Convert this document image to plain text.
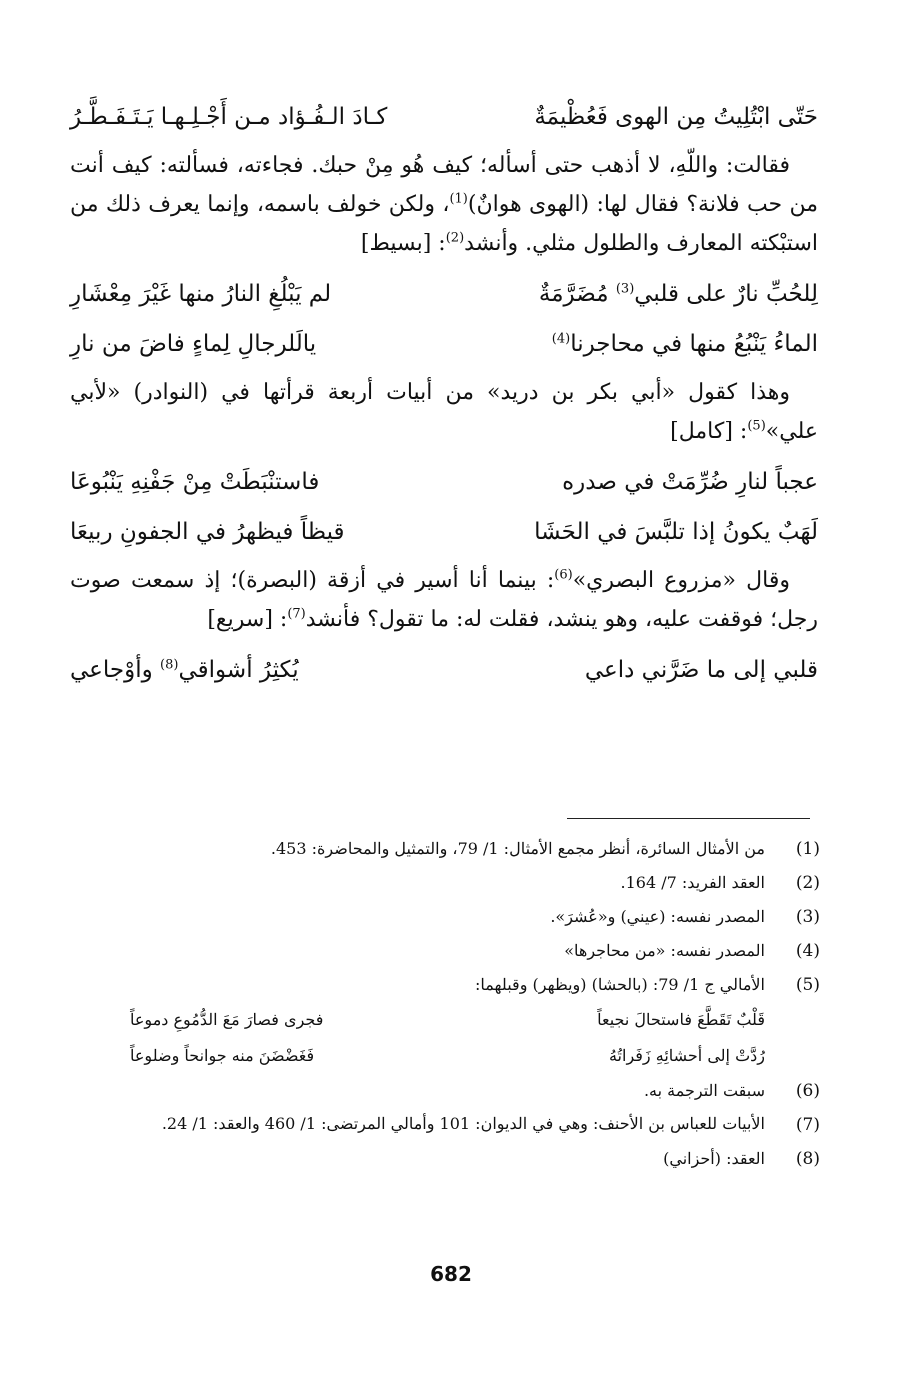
حَتّى ابْتُلِيتُ مِن الهوى فَعُظْيمَةٌ
كـادَ الـفُـؤاد مـن أَجْـلِـهـا يَـتَـفَـطَّـرُ

فقالت: واللّهِ، لا أذهب حتى أسأله؛ كيف هُو مِنْ حبك. فجاءته، فسألته: كيف أنت من حب فلانة؟ فقال لها: (الهوى هوانٌ)$^{(1)}$، ولكن خولف باسمه، وإنما يعرف ذلك من استبْكته المعارف والطلول مثلي. وأنشد$^{(2)}$: [بسيط]

لِلحُبِّ نارٌ على قلبي$^{(3)}$ مُضَرَّمَةٌ
لم يَبْلُغِ النارُ منها غَيْرَ مِعْشَارِ
الماءُ يَنْبُعُ منها في محاجرنا$^{(4)}$
يالَلرجالِ لِماءٍ فاضَ من نارِ

وهذا كقول «أبي بكر بن دريد» من أبيات أربعة قرأتها في (النوادر) «لأبي علي»$^{(5)}$: [كامل]

عجباً لنارِ ضُرِّمَتْ في صدره
فاستنْبَطَتْ مِنْ جَفْنِهِ يَنْبُوعَا
لَهَبٌ يكونُ إذا تلبَّسَ في الحَشَا
قيظاً فيظهرُ في الجفونِ ربيعَا

وقال «مزروع البصري»$^{(6)}$: بينما أنا أسير في أزقة (البصرة)؛ إذ سمعت صوت رجل؛ فوقفت عليه، وهو ينشد، فقلت له: ما تقول؟ فأنشد$^{(7)}$: [سريع]

قلبي إلى ما ضَرَّني داعي
يُكثِرُ أشواقي$^{(8)}$ وأوْجاعي
(1)
من الأمثال السائرة، أنظر مجمع الأمثال: 1/ 79، والتمثيل والمحاضرة: 453.
(2)
العقد الفريد: 7/ 164.
(3)
المصدر نفسه: (عيني) و«عُشرَ».
(4)
المصدر نفسه: «من محاجرها»
(5)
الأمالي ج 1/ 79: (بالحشا) (ويظهر) وقبلهما:
قَلْبٌ تَقَطَّعَ فاستحالَ نجيعاً
فجرى فصارَ مَعَ الدُّمُوعِ دموعاً
رُدَّتْ إلى أحشائِهِ زَفَراتُهُ
فَغَضْضَنَ منه جوانحاً وضلوعاً
(6)
سبقت الترجمة به.
(7)
الأبيات للعباس بن الأحنف: وهي في الديوان: 101 وأمالي المرتضى: 1/ 460 والعقد: 1/ 24.
(8)
العقد: (أحزاني)
682
